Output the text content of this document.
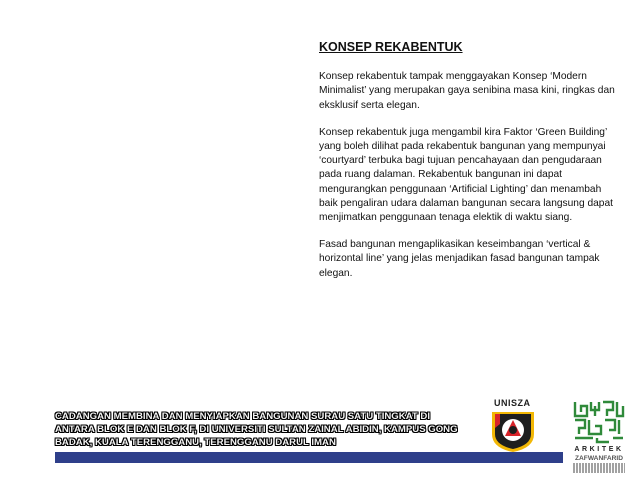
KONSEP REKABENTUK

Konsep rekabentuk tampak menggayakan Konsep ‘Modern Minimalist’ yang merupakan gaya senibina masa kini, ringkas dan eksklusif serta elegan.

Konsep rekabentuk juga mengambil kira Faktor ‘Green Building’ yang boleh dilihat pada rekabentuk bangunan yang mempunyai ‘courtyard’ terbuka bagi tujuan pencahayaan dan pengudaraan pada ruang dalaman. Rekabentuk bangunan ini dapat mengurangkan penggunaan ‘Artificial Lighting’ dan menambah baik pengaliran udara dalaman bangunan secara langsung dapat menjimatkan penggunaan tenaga elektik di waktu siang.

Fasad bangunan mengaplikasikan keseimbangan ‘vertical & horizontal line’ yang jelas menjadikan fasad bangunan tampak elegan.

CADANGAN MEMBINA DAN MENYIAPKAN BANGUNAN SURAU SATU TINGKAT DI
ANTARA BLOK E DAN BLOK F, DI UNIVERSITI SULTAN ZAINAL ABIDIN, KAMPUS GONG
BADAK, KUALA TERENGGANU, TERENGGANU DARUL IMAN
UNISZA
ARKITEK
ZAFWANFARID
